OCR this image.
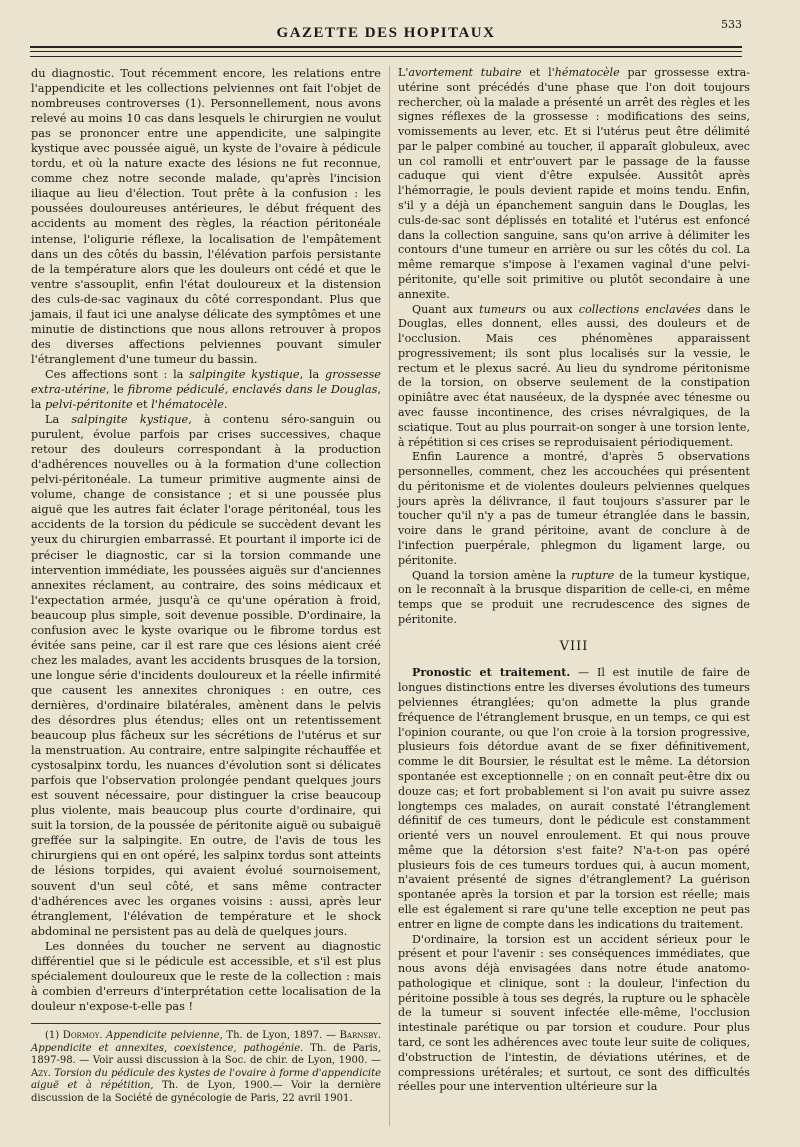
GAZETTE DES HOPITAUX
533

du diagnostic. Tout récemment encore, les relations entre l'appendicite et les collections pelviennes ont fait l'objet de nombreuses controverses (1). Personnellement, nous avons relevé au moins 10 cas dans lesquels le chirurgien ne voulut pas se prononcer entre une appendicite, une salpingite kystique avec poussée aiguë, un kyste de l'ovaire à pédicule tordu, et où la nature exacte des lésions ne fut reconnue, comme chez notre seconde malade, qu'après l'incision iliaque au lieu d'élection. Tout prête à la confusion : les poussées douloureuses antérieures, le début fréquent des accidents au moment des règles, la réaction péritonéale intense, l'oligurie réflexe, la localisation de l'empâtement dans un des côtés du bassin, l'élévation parfois persistante de la température alors que les douleurs ont cédé et que le ventre s'assouplit, enfin l'état douloureux et la distension des culs-de-sac vaginaux du côté correspondant. Plus que jamais, il faut ici une analyse délicate des symptômes et une minutie de distinctions que nous allons retrouver à propos des diverses affections pelviennes pouvant simuler l'étranglement d'une tumeur du bassin.

Ces affections sont : la salpingite kystique, la grossesse extra-utérine, le fibrome pédiculé, enclavés dans le Douglas, la pelvi-péritonite et l'hématocèle.

La salpingite kystique, à contenu séro-sanguin ou purulent, évolue parfois par crises successives, chaque retour des douleurs correspondant à la production d'adhérences nouvelles ou à la formation d'une collection pelvi-péritonéale. La tumeur primitive augmente ainsi de volume, change de consistance ; et si une poussée plus aiguë que les autres fait éclater l'orage péritonéal, tous les accidents de la torsion du pédicule se succèdent devant les yeux du chirurgien embarrassé. Et pourtant il importe ici de préciser le diagnostic, car si la torsion commande une intervention immédiate, les poussées aiguës sur d'anciennes annexites réclament, au contraire, des soins médicaux et l'expectation armée, jusqu'à ce qu'une opération à froid, beaucoup plus simple, soit devenue possible. D'ordinaire, la confusion avec le kyste ovarique ou le fibrome tordus est évitée sans peine, car il est rare que ces lésions aient créé chez les malades, avant les accidents brusques de la torsion, une longue série d'incidents douloureux et la réelle infirmité que causent les annexites chroniques : en outre, ces dernières, d'ordinaire bilatérales, amènent dans le pelvis des désordres plus étendus; elles ont un retentissement beaucoup plus fâcheux sur les sécrétions de l'utérus et sur la menstruation. Au contraire, entre salpingite réchauffée et cystosalpinx tordu, les nuances d'évolution sont si délicates parfois que l'observation prolongée pendant quelques jours est souvent nécessaire, pour distinguer la crise beaucoup plus violente, mais beaucoup plus courte d'ordinaire, qui suit la torsion, de la poussée de péritonite aiguë ou subaiguë greffée sur la salpingite. En outre, de l'avis de tous les chirurgiens qui en ont opéré, les salpinx tordus sont atteints de lésions torpides, qui avaient évolué sournoisement, souvent d'un seul côté, et sans même contracter d'adhérences avec les organes voisins : aussi, après leur étranglement, l'élévation de température et le shock abdominal ne persistent pas au delà de quelques jours.

Les données du toucher ne servent au diagnostic différentiel que si le pédicule est accessible, et s'il est plus spécialement douloureux que le reste de la collection : mais à combien d'erreurs d'interprétation cette localisation de la douleur n'expose-t-elle pas !

(1) Dormoy. Appendicite pelvienne, Th. de Lyon, 1897. — Barnsby. Appendicite et annexites, coexistence, pathogénie. Th. de Paris, 1897-98. — Voir aussi discussion à la Soc. de chir. de Lyon, 1900. — Azy. Torsion du pédicule des kystes de l'ovaire à forme d'appendicite aiguë et à répétition, Th. de Lyon, 1900.— Voir la dernière discussion de la Société de gynécologie de Paris, 22 avril 1901.

L'avortement tubaire et l'hématocèle par grossesse extra-utérine sont précédés d'une phase que l'on doit toujours rechercher, où la malade a présenté un arrêt des règles et les signes réflexes de la grossesse : modifications des seins, vomissements au lever, etc. Et si l'utérus peut être délimité par le palper combiné au toucher, il apparaît globuleux, avec un col ramolli et entr'ouvert par le passage de la fausse caduque qui vient d'être expulsée. Aussitôt après l'hémorragie, le pouls devient rapide et moins tendu. Enfin, s'il y a déjà un épanchement sanguin dans le Douglas, les culs-de-sac sont déplissés en totalité et l'utérus est enfoncé dans la collection sanguine, sans qu'on arrive à délimiter les contours d'une tumeur en arrière ou sur les côtés du col. La même remarque s'impose à l'examen vaginal d'une pelvi-péritonite, qu'elle soit primitive ou plutôt secondaire à une annexite.

Quant aux tumeurs ou aux collections enclavées dans le Douglas, elles donnent, elles aussi, des douleurs et de l'occlusion. Mais ces phénomènes apparaissent progressivement; ils sont plus localisés sur la vessie, le rectum et le plexus sacré. Au lieu du syndrome péritonisme de la torsion, on observe seulement de la constipation opiniâtre avec état nauséeux, de la dyspnée avec ténesme ou avec fausse incontinence, des crises névralgiques, de la sciatique. Tout au plus pourrait-on songer à une torsion lente, à répétition si ces crises se reproduisaient périodiquement.

Enfin Laurence a montré, d'après 5 observations personnelles, comment, chez les accouchées qui présentent du péritonisme et de violentes douleurs pelviennes quelques jours après la délivrance, il faut toujours s'assurer par le toucher qu'il n'y a pas de tumeur étranglée dans le bassin, voire dans le grand péritoine, avant de conclure à de l'infection puerpérale, phlegmon du ligament large, ou péritonite.

Quand la torsion amène la rupture de la tumeur kystique, on le reconnaît à la brusque disparition de celle-ci, en même temps que se produit une recrudescence des signes de péritonite.

VIII

Pronostic et traitement. — Il est inutile de faire de longues distinctions entre les diverses évolutions des tumeurs pelviennes étranglées; qu'on admette la plus grande fréquence de l'étranglement brusque, en un temps, ce qui est l'opinion courante, ou que l'on croie à la torsion progressive, plusieurs fois détordue avant de se fixer définitivement, comme le dit Boursier, le résultat est le même. La détorsion spontanée est exceptionnelle ; on en connaît peut-être dix ou douze cas; et fort probablement si l'on avait pu suivre assez longtemps ces malades, on aurait constaté l'étranglement définitif de ces tumeurs, dont le pédicule est constamment orienté vers un nouvel enroulement. Et qui nous prouve même que la détorsion s'est faite? N'a-t-on pas opéré plusieurs fois de ces tumeurs tordues qui, à aucun moment, n'avaient présenté de signes d'étranglement? La guérison spontanée après la torsion et par la torsion est réelle; mais elle est également si rare qu'une telle exception ne peut pas entrer en ligne de compte dans les indications du traitement.

D'ordinaire, la torsion est un accident sérieux pour le présent et pour l'avenir : ses conséquences immédiates, que nous avons déjà envisagées dans notre étude anatomo-pathologique et clinique, sont : la douleur, l'infection du péritoine possible à tous ses degrés, la rupture ou le sphacèle de la tumeur si souvent infectée elle-même, l'occlusion intestinale parétique ou par torsion et coudure. Pour plus tard, ce sont les adhérences avec toute leur suite de coliques, d'obstruction de l'intestin, de déviations utérines, et de compressions urétérales; et surtout, ce sont des difficultés réelles pour une intervention ultérieure sur la
